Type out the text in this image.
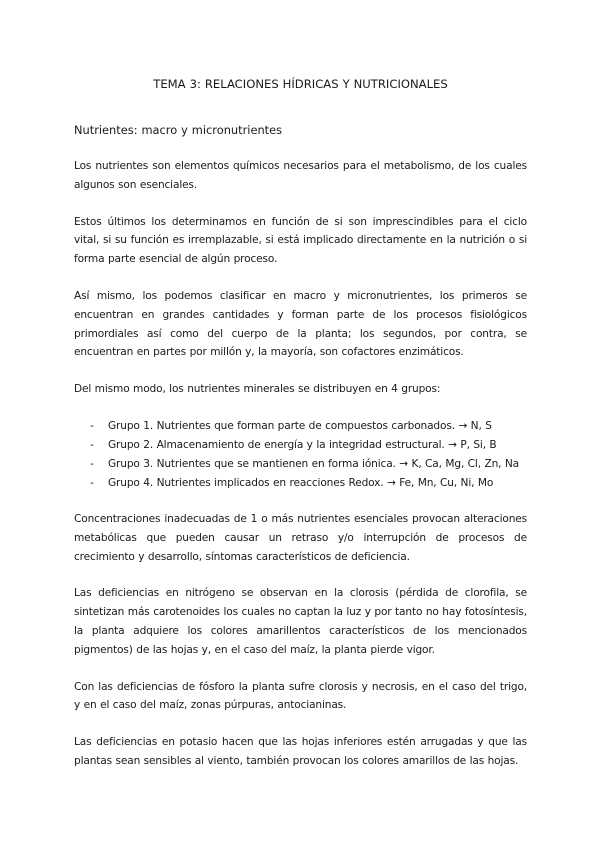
TEMA 3: RELACIONES HÍDRICAS Y NUTRICIONALES
Nutrientes: macro y micronutrientes

Los nutrientes son elementos químicos necesarios para el metabolismo, de los cuales algunos son esenciales.

Estos últimos los determinamos en función de si son imprescindibles para el ciclo vital, si su función es irremplazable, si está implicado directamente en la nutrición o si forma parte esencial de algún proceso.

Así mismo, los podemos clasificar en macro y micronutrientes, los primeros se encuentran en grandes cantidades y forman parte de los procesos fisiológicos primordiales así como del cuerpo de la planta; los segundos, por contra, se encuentran en partes por millón y, la mayoría, son cofactores enzimáticos.

Del mismo modo, los nutrientes minerales se distribuyen en 4 grupos:

- Grupo 1. Nutrientes que forman parte de compuestos carbonados. → N, S
- Grupo 2. Almacenamiento de energía y la integridad estructural. → P, Si, B
- Grupo 3. Nutrientes que se mantienen en forma iónica. → K, Ca, Mg, Cl, Zn, Na
- Grupo 4. Nutrientes implicados en reacciones Redox. → Fe, Mn, Cu, Ni, Mo

Concentraciones inadecuadas de 1 o más nutrientes esenciales provocan alteraciones metabólicas que pueden causar un retraso y/o interrupción de procesos de crecimiento y desarrollo, síntomas característicos de deficiencia.

Las deficiencias en nitrógeno se observan en la clorosis (pérdida de clorofila, se sintetizan más carotenoides los cuales no captan la luz y por tanto no hay fotosíntesis, la planta adquiere los colores amarillentos característicos de los mencionados pigmentos) de las hojas y, en el caso del maíz, la planta pierde vigor.

Con las deficiencias de fósforo la planta sufre clorosis y necrosis, en el caso del trigo, y en el caso del maíz, zonas púrpuras, antocianinas.

Las deficiencias en potasio hacen que las hojas inferiores estén arrugadas y que las plantas sean sensibles al viento, también provocan los colores amarillos de las hojas.
